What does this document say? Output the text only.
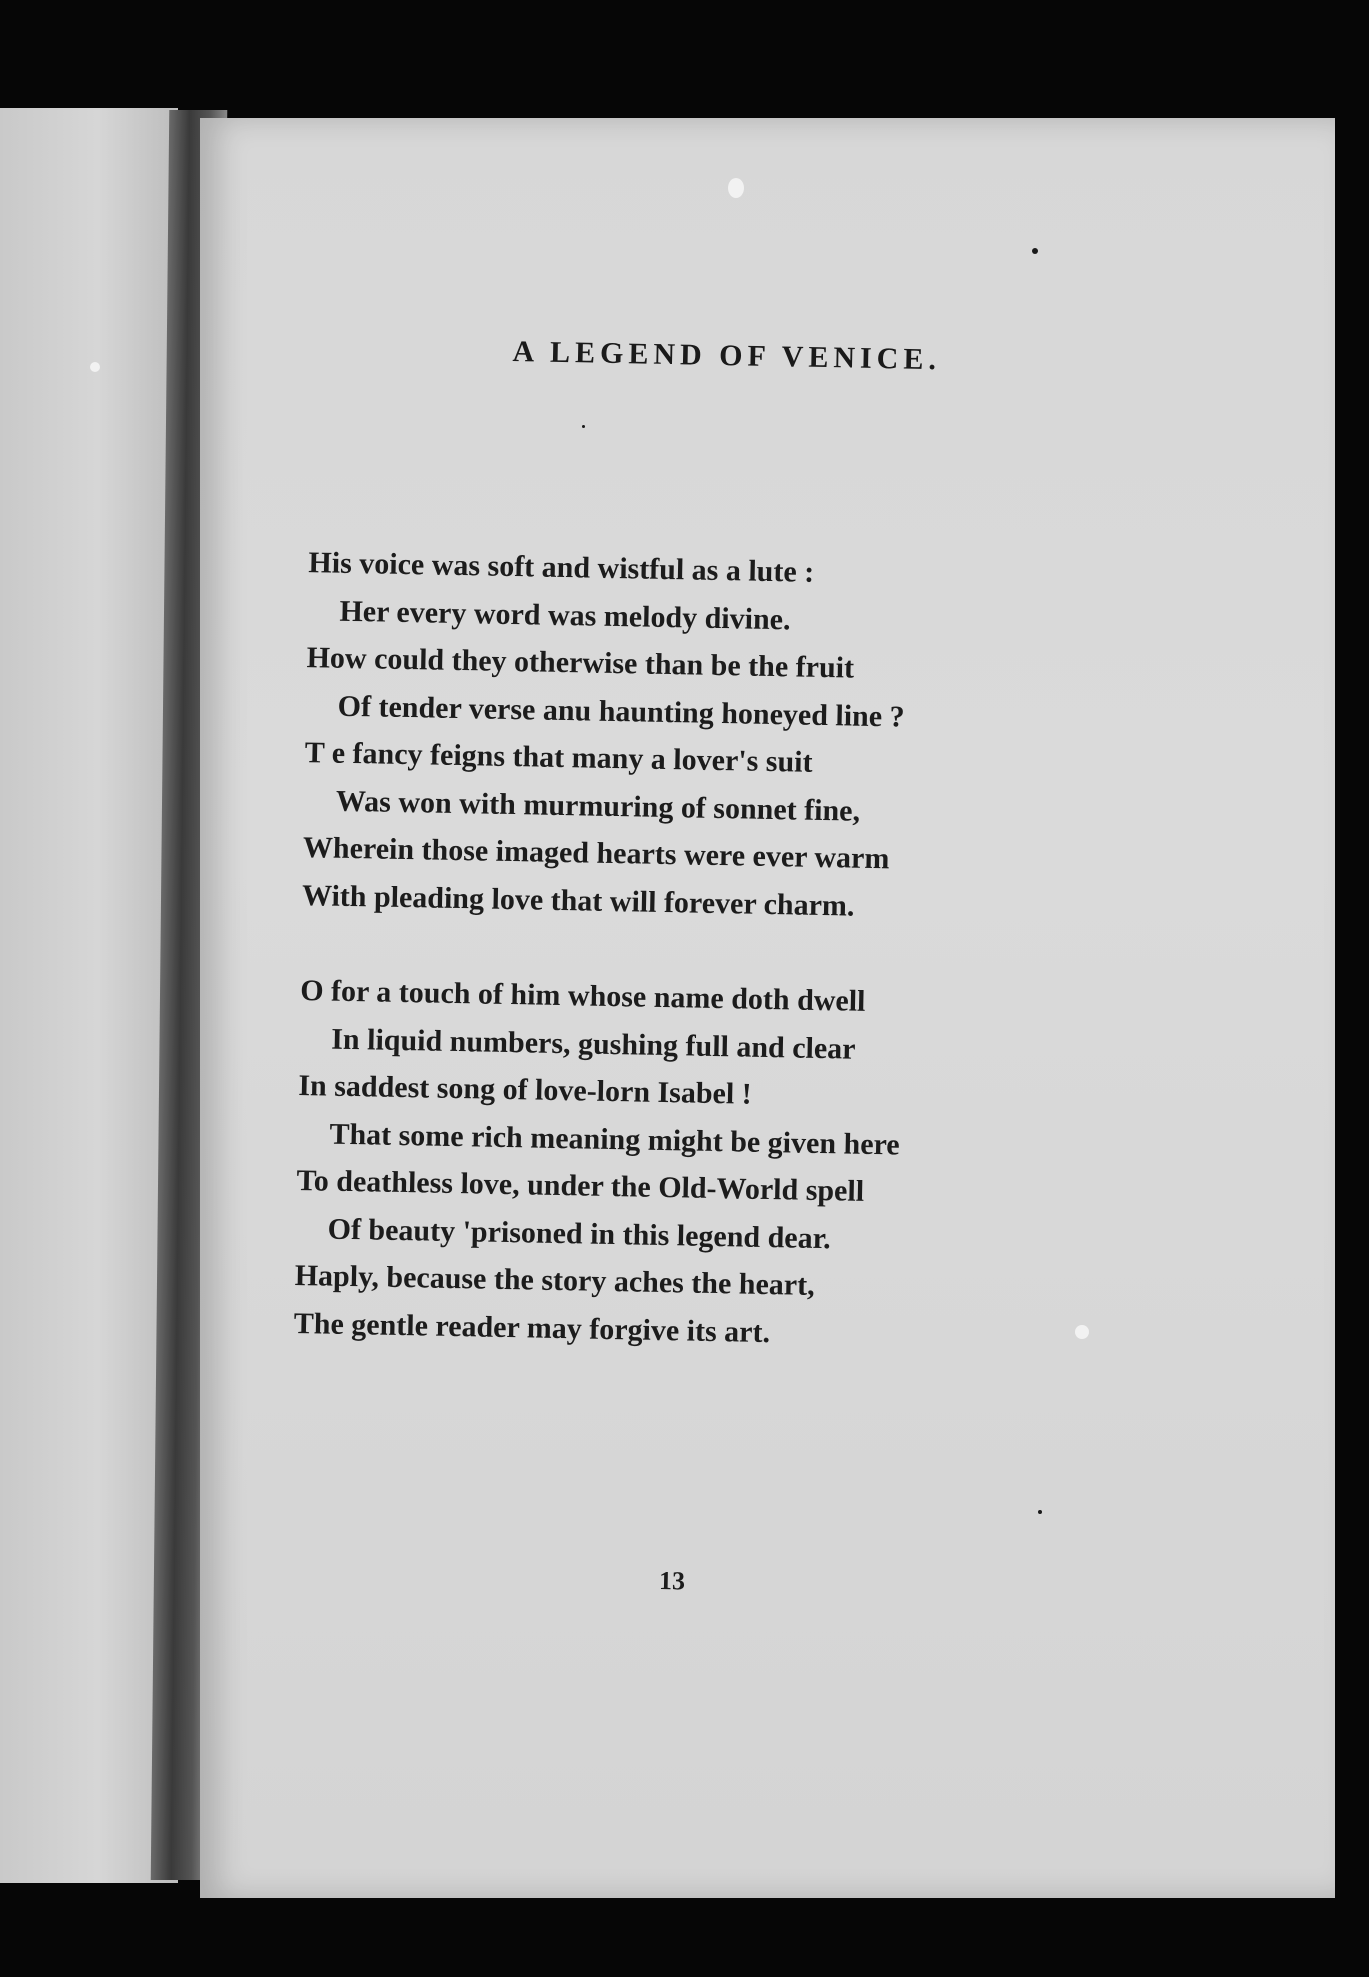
A LEGEND OF VENICE.
His voice was soft and wistful as a lute :
Her every word was melody divine.
How could they otherwise than be the fruit
Of tender verse anu haunting honeyed line ?
T e fancy feigns that many a lover's suit
Was won with murmuring of sonnet fine,
Wherein those imaged hearts were ever warm
With pleading love that will forever charm.
O for a touch of him whose name doth dwell
In liquid numbers, gushing full and clear
In saddest song of love-lorn Isabel !
That some rich meaning might be given here
To deathless love, under the Old-World spell
Of beauty 'prisoned in this legend dear.
Haply, because the story aches the heart,
The gentle reader may forgive its art.
13
